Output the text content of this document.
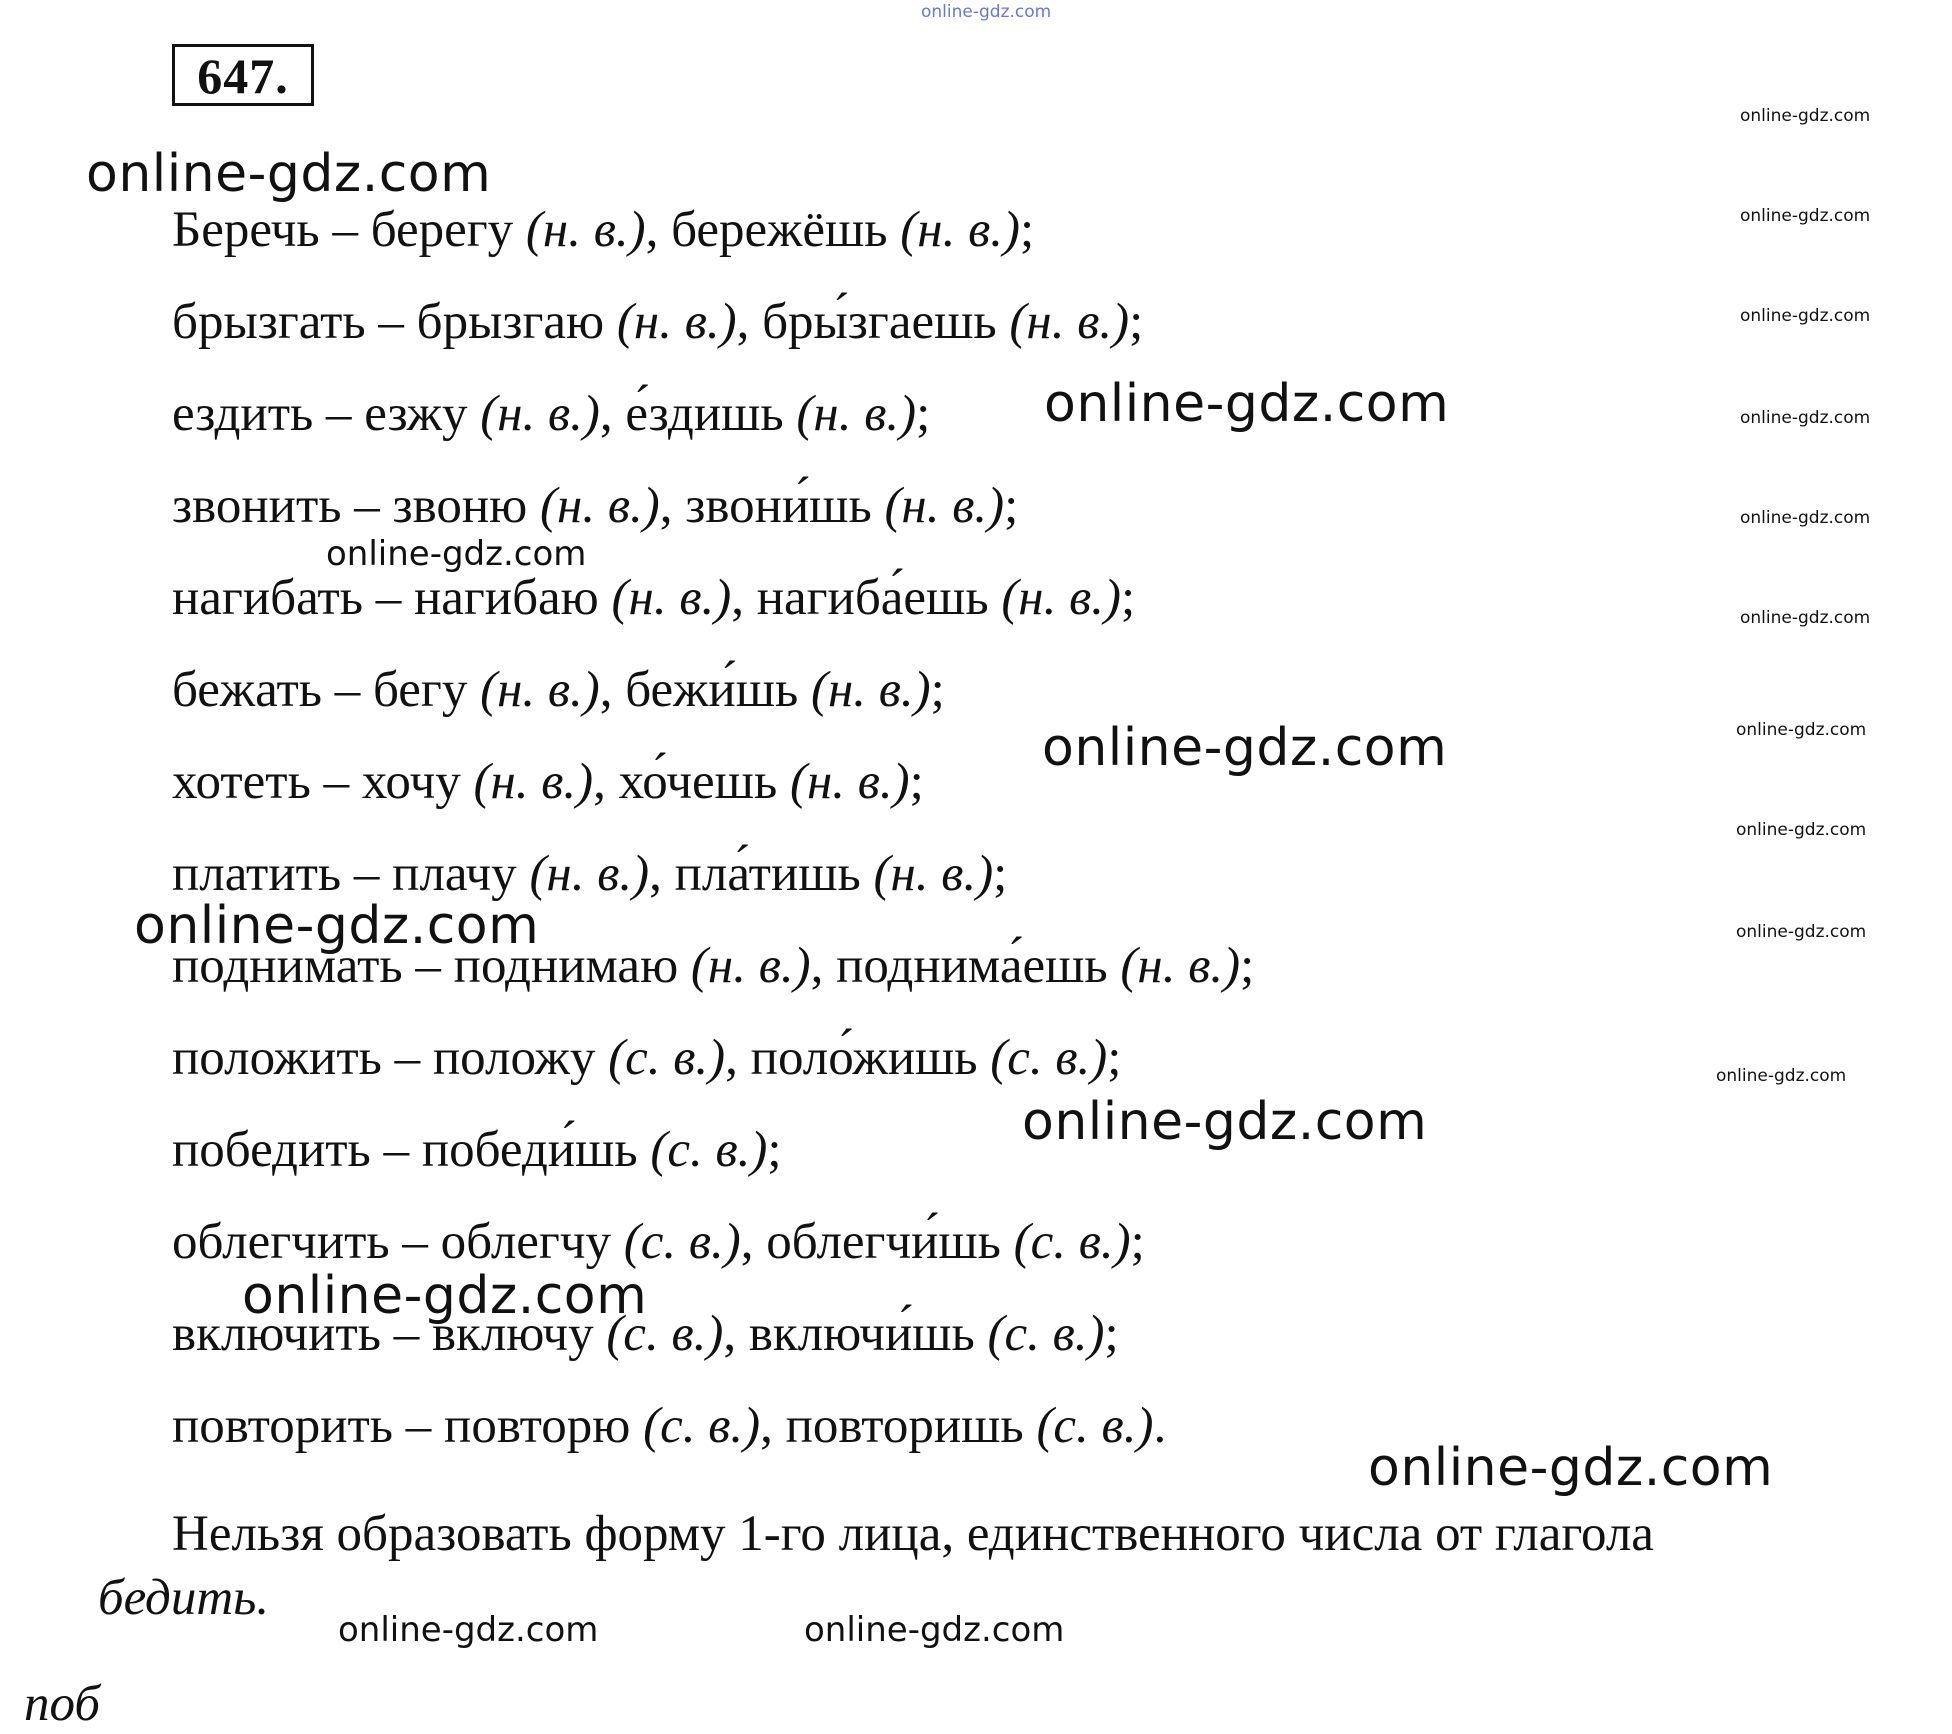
online-gdz.com
647.
Беречь – берегу (н. в.), бережёшь (н. в.);
брызгать – брызгаю (н. в.), бры́згаешь (н. в.);
ездить – езжу (н. в.), е́здишь (н. в.);
звонить – звоню (н. в.), звони́шь (н. в.);
нагибать – нагибаю (н. в.), нагиба́ешь (н. в.);
бежать – бегу (н. в.), бежи́шь (н. в.);
хотеть – хочу (н. в.), хо́чешь (н. в.);
платить – плачу (н. в.), пла́тишь (н. в.);
поднимать – поднимаю (н. в.), поднима́ешь (н. в.);
положить – положу (с. в.), поло́жишь (с. в.);
победить – победи́шь (с. в.);
облегчить – облегчу (с. в.), облегчи́шь (с. в.);
включить – включу (с. в.), включи́шь (с. в.);
повторить – повторю (с. в.), повторишь (с. в.).
Нельзя образовать форму 1-го лица, единственного числа от глагола
бедить.
поб
online-gdz.com
online-gdz.com
online-gdz.com
online-gdz.com
online-gdz.com
online-gdz.com
online-gdz.com
online-gdz.com
online-gdz.com	online-gdz.com
online-gdz.com
online-gdz.com
online-gdz.com
online-gdz.com
online-gdz.com
online-gdz.com
online-gdz.com
online-gdz.com
online-gdz.com
online-gdz.com
